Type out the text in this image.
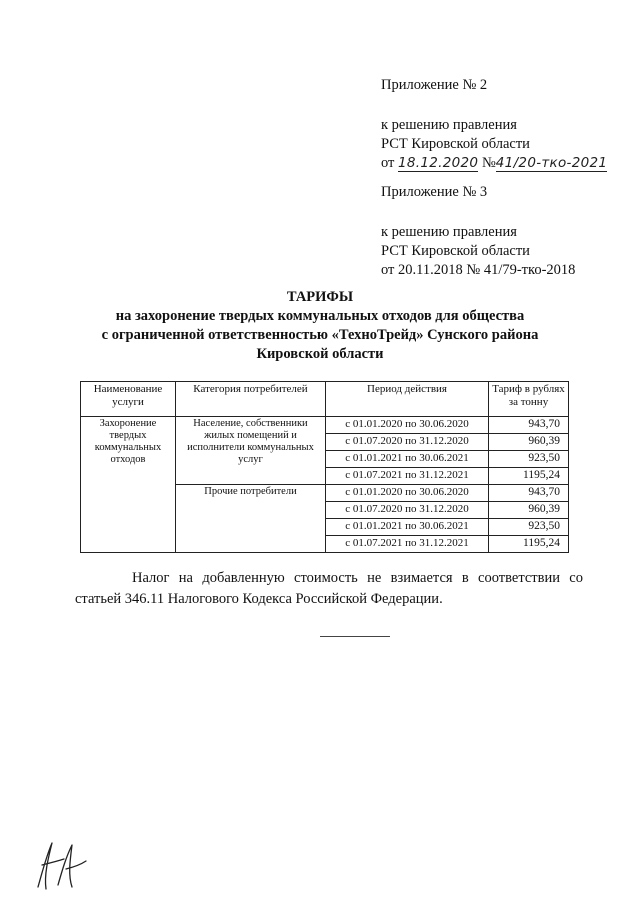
Приложение № 2
к решению правления
РСТ Кировской области
от 18.12.2020 №41/20-тко-2021
Приложение № 3
к решению правления
РСТ Кировской области
от 20.11.2018 № 41/79-тко-2018
ТАРИФЫ
на захоронение твердых коммунальных отходов для общества
с ограниченной ответственностью «ТехноТрейд» Сунского района
Кировской области
Наименование услуги	Категория потребителей	Период действия	Тариф в рублях за тонну
Захоронение твердых коммунальных отходов	Население, собственники жилых помещений и исполнители коммунальных услуг	с 01.01.2020 по 30.06.2020	943,70
		с 01.07.2020 по 31.12.2020	960,39
		с 01.01.2021 по 30.06.2021	923,50
		с 01.07.2021 по 31.12.2021	1195,24
	Прочие потребители	с 01.01.2020 по 30.06.2020	943,70
		с 01.07.2020 по 31.12.2020	960,39
		с 01.01.2021 по 30.06.2021	923,50
		с 01.07.2021 по 31.12.2021	1195,24
Налог на добавленную стоимость не взимается в соответствии со статьей 346.11 Налогового Кодекса Российской Федерации.
